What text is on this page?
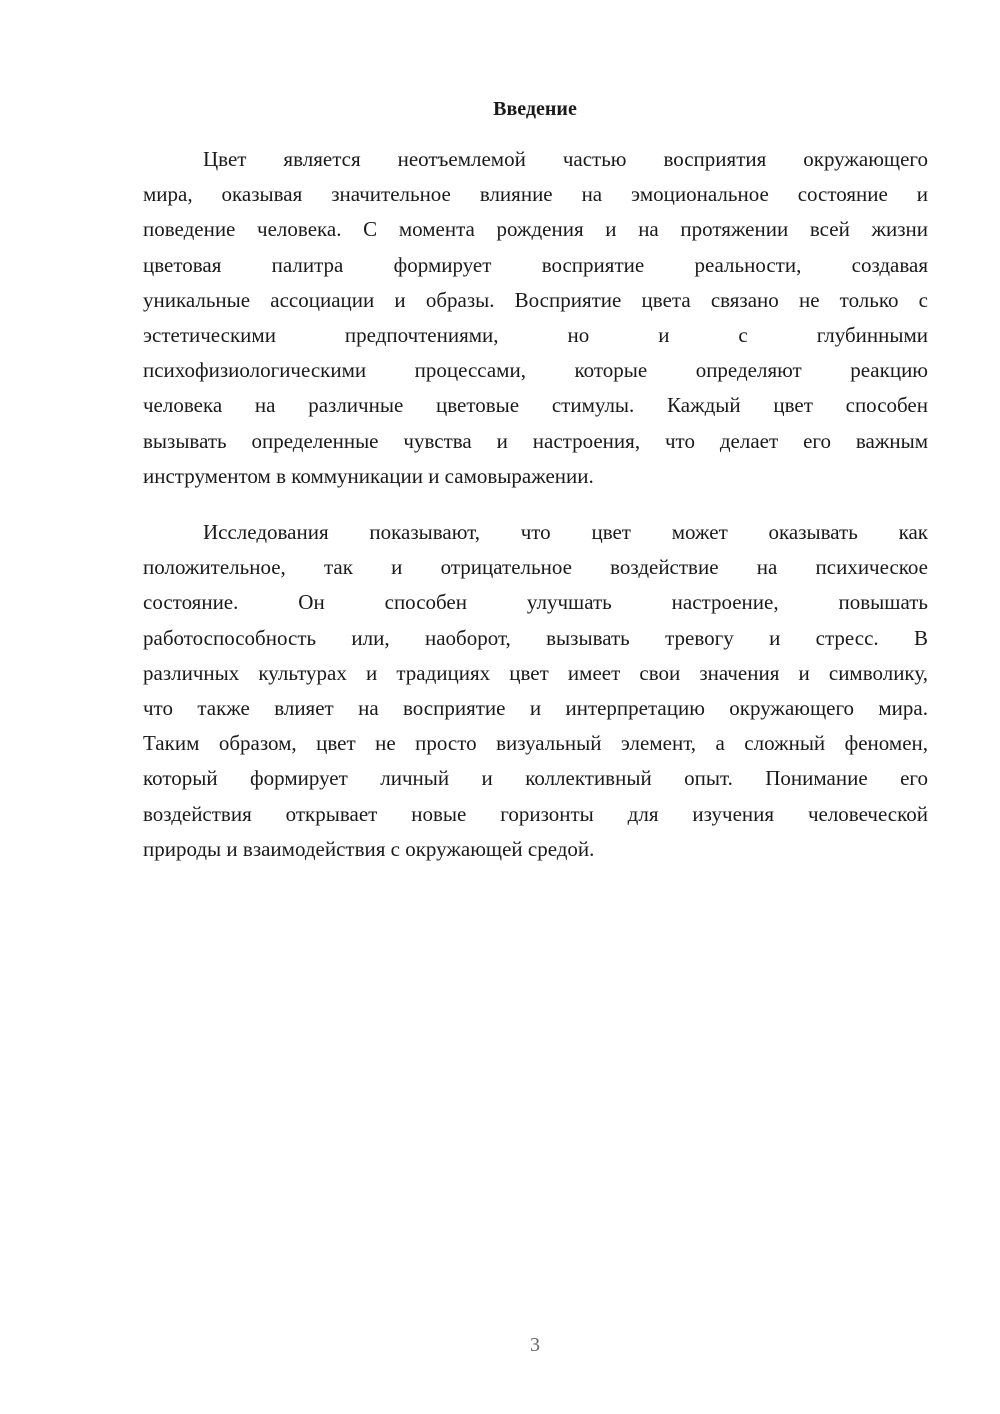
Введение
Цвет является неотъемлемой частью восприятия окружающего
мира, оказывая значительное влияние на эмоциональное состояние и
поведение человека. С момента рождения и на протяжении всей жизни
цветовая палитра формирует восприятие реальности, создавая
уникальные ассоциации и образы. Восприятие цвета связано не только с
эстетическими предпочтениями, но и с глубинными
психофизиологическими процессами, которые определяют реакцию
человека на различные цветовые стимулы. Каждый цвет способен
вызывать определенные чувства и настроения, что делает его важным
инструментом в коммуникации и самовыражении.
Исследования показывают, что цвет может оказывать как
положительное, так и отрицательное воздействие на психическое
состояние. Он способен улучшать настроение, повышать
работоспособность или, наоборот, вызывать тревогу и стресс. В
различных культурах и традициях цвет имеет свои значения и символику,
что также влияет на восприятие и интерпретацию окружающего мира.
Таким образом, цвет не просто визуальный элемент, а сложный феномен,
который формирует личный и коллективный опыт. Понимание его
воздействия открывает новые горизонты для изучения человеческой
природы и взаимодействия с окружающей средой.
3
